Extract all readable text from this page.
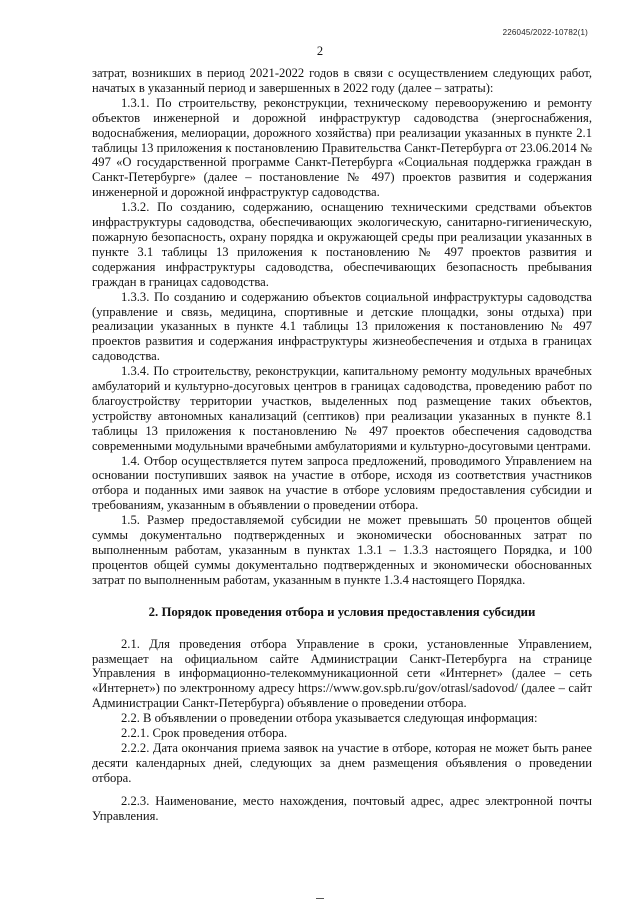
226045/2022-10782(1)
2

затрат, возникших в период 2021-2022 годов в связи с осуществлением следующих работ, начатых в указанный период и завершенных в 2022 году (далее – затраты):

1.3.1. По строительству, реконструкции, техническому перевооружению и ремонту объектов инженерной и дорожной инфраструктур садоводства (энергоснабжения, водоснабжения, мелиорации, дорожного хозяйства) при реализации указанных в пункте 2.1 таблицы 13 приложения к постановлению Правительства Санкт-Петербурга от 23.06.2014 № 497 «О государственной программе Санкт-Петербурга «Социальная поддержка граждан в Санкт-Петербурге» (далее – постановление № 497) проектов развития и содержания инженерной и дорожной инфраструктур садоводства.

1.3.2. По созданию, содержанию, оснащению техническими средствами объектов инфраструктуры садоводства, обеспечивающих экологическую, санитарно-гигиеническую, пожарную безопасность, охрану порядка и окружающей среды при реализации указанных в пункте 3.1 таблицы 13 приложения к постановлению № 497 проектов развития и содержания инфраструктуры садоводства, обеспечивающих безопасность пребывания граждан в границах садоводства.

1.3.3. По созданию и содержанию объектов социальной инфраструктуры садоводства (управление и связь, медицина, спортивные и детские площадки, зоны отдыха) при реализации указанных в пункте 4.1 таблицы 13 приложения к постановлению № 497 проектов развития и содержания инфраструктуры жизнеобеспечения и отдыха в границах садоводства.

1.3.4. По строительству, реконструкции, капитальному ремонту модульных врачебных амбулаторий и культурно-досуговых центров в границах садоводства, проведению работ по благоустройству территории участков, выделенных под размещение таких объектов, устройству автономных канализаций (септиков) при реализации указанных в пункте 8.1 таблицы 13 приложения к постановлению № 497 проектов обеспечения садоводства современными модульными врачебными амбулаториями и культурно-досуговыми центрами.

1.4. Отбор осуществляется путем запроса предложений, проводимого Управлением на основании поступивших заявок на участие в отборе, исходя из соответствия участников отбора и поданных ими заявок на участие в отборе условиям предоставления субсидии и требованиям, указанным в объявлении о проведении отбора.

1.5. Размер предоставляемой субсидии не может превышать 50 процентов общей суммы документально подтвержденных и экономически обоснованных затрат по выполненным работам, указанным в пунктах 1.3.1 – 1.3.3 настоящего Порядка, и 100 процентов общей суммы документально подтвержденных и экономически обоснованных затрат по выполненным работам, указанным в пункте 1.3.4 настоящего Порядка.

2. Порядок проведения отбора и условия предоставления субсидии

2.1. Для проведения отбора Управление в сроки, установленные Управлением, размещает на официальном сайте Администрации Санкт-Петербурга на странице Управления в информационно-телекоммуникационной сети «Интернет» (далее – сеть «Интернет») по электронному адресу https://www.gov.spb.ru/gov/otrasl/sadovod/ (далее – сайт Администрации Санкт-Петербурга) объявление о проведении отбора.

2.2. В объявлении о проведении отбора указывается следующая информация:

2.2.1. Срок проведения отбора.

2.2.2. Дата окончания приема заявок на участие в отборе, которая не может быть ранее десяти календарных дней, следующих за днем размещения объявления о проведении отбора.

2.2.3. Наименование, место нахождения, почтовый адрес, адрес электронной почты Управления.
